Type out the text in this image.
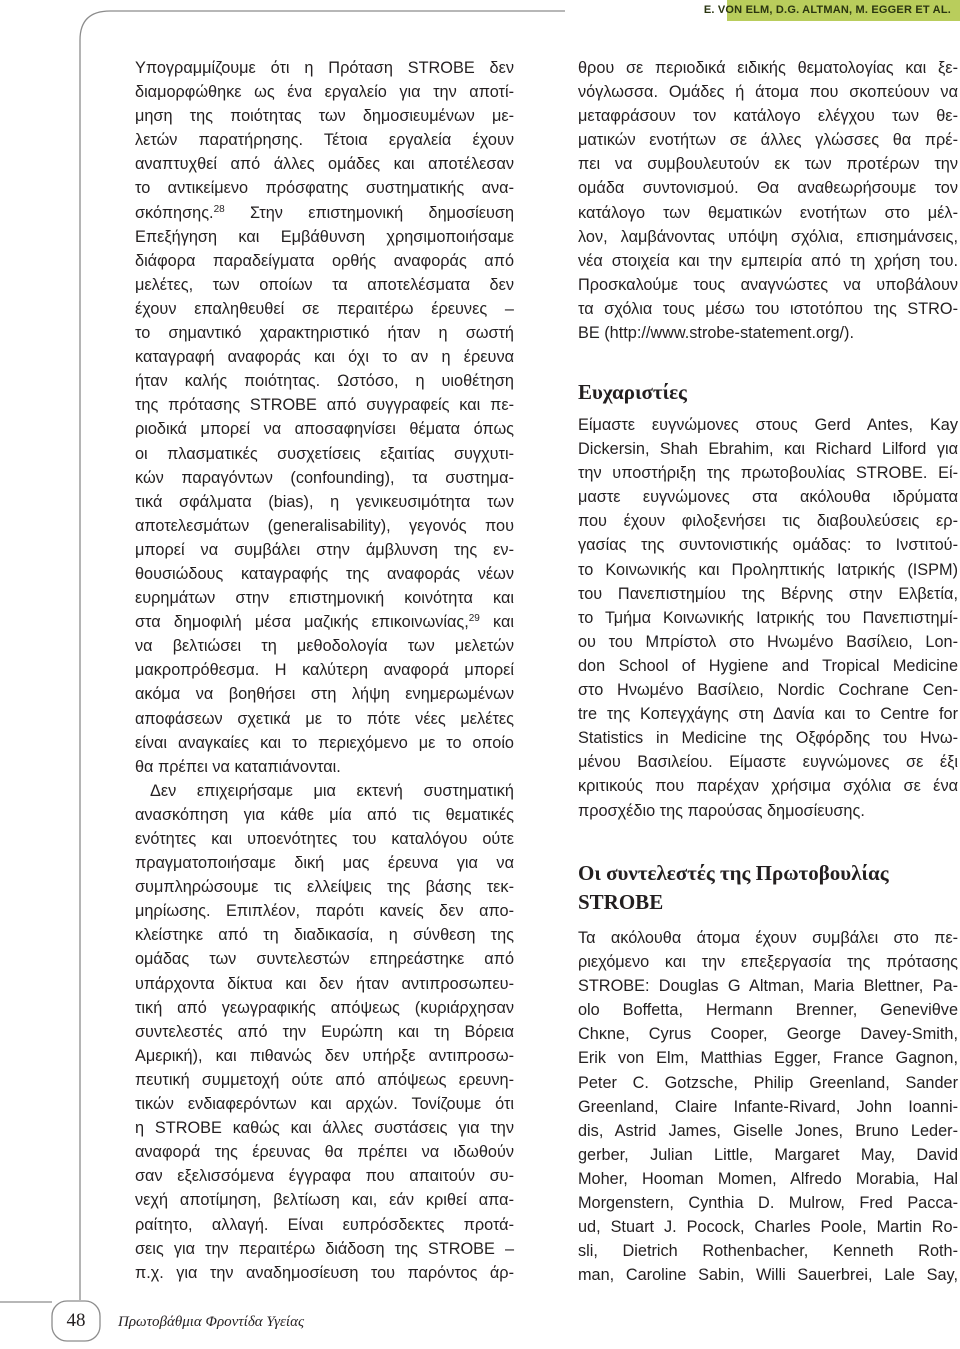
E. VON ELM, D.G. ALTMAN, M. EGGER ET AL.
Υπογραμμίζουμε ότι η Πρόταση STROBE δεν
διαμορφώθηκε ως ένα εργαλείο για την αποτί-
μηση της ποιότητας των δημοσιευμένων με-
λετών παρατήρησης. Τέτοια εργαλεία έχουν
αναπτυχθεί από άλλες ομάδες και αποτέλεσαν
το αντικείμενο πρόσφατης συστηματικής ανα-
σκόπησης.$^{28}$ Στην επιστημονική δημοσίευση
Επεξήγηση και Εμβάθυνση χρησιμοποιήσαμε
διάφορα παραδείγματα ορθής αναφοράς από
μελέτες, των οποίων τα αποτελέσματα δεν
έχουν επαληθευθεί σε περαιτέρω έρευνες –
το σημαντικό χαρακτηριστικό ήταν η σωστή
καταγραφή αναφοράς και όχι το αν η έρευνα
ήταν καλής ποιότητας. Ωστόσο, η υιοθέτηση
της πρότασης STROBE από συγγραφείς και πε-
ριοδικά μπορεί να αποσαφηνίσει θέματα όπως
οι πλασματικές συσχετίσεις εξαιτίας συγχυτι-
κών παραγόντων (confounding), τα συστημα-
τικά σφάλματα (bias), η γενικευσιμότητα των
αποτελεσμάτων (generalisability), γεγονός που
μπορεί να συμβάλει στην άμβλυνση της εν-
θουσιώδους καταγραφής της αναφοράς νέων
ευρημάτων στην επιστημονική κοινότητα και
στα δημοφιλή μέσα μαζικής επικοινωνίας,$^{29}$ και
να βελτιώσει τη μεθοδολογία των μελετών
μακροπρόθεσμα. Η καλύτερη αναφορά μπορεί
ακόμα να βοηθήσει στη λήψη ενημερωμένων
αποφάσεων σχετικά με το πότε νέες μελέτες
είναι αναγκαίες και το περιεχόμενο με το οποίο
θα πρέπει να καταπιάνονται.
Δεν επιχειρήσαμε μια εκτενή συστηματική
ανασκόπηση για κάθε μία από τις θεματικές
ενότητες και υποενότητες του καταλόγου ούτε
πραγματοποιήσαμε δική μας έρευνα για να
συμπληρώσουμε τις ελλείψεις της βάσης τεκ-
μηρίωσης. Επιπλέον, παρότι κανείς δεν απο-
κλείστηκε από τη διαδικασία, η σύνθεση της
ομάδας των συντελεστών επηρεάστηκε από
υπάρχοντα δίκτυα και δεν ήταν αντιπροσωπευ-
τική από γεωγραφικής απόψεως (κυριάρχησαν
συντελεστές από την Ευρώπη και τη Βόρεια
Αμερική), και πιθανώς δεν υπήρξε αντιπροσω-
πευτική συμμετοχή ούτε από απόψεως ερευνη-
τικών ενδιαφερόντων και αρχών. Τονίζουμε ότι
η STROBE καθώς και άλλες συστάσεις για την
αναφορά της έρευνας θα πρέπει να ιδωθούν
σαν εξελισσόμενα έγγραφα που απαιτούν συ-
νεχή αποτίμηση, βελτίωση και, εάν κριθεί απα-
ραίτητο, αλλαγή. Είναι ευπρόσδεκτες προτά-
σεις για την περαιτέρω διάδοση της STROBE –
π.χ. για την αναδημοσίευση του παρόντος άρ-
θρου σε περιοδικά ειδικής θεματολογίας και ξε-
νόγλωσσα. Ομάδες ή άτομα που σκοπεύουν να
μεταφράσουν τον κατάλογο ελέγχου των θε-
ματικών ενοτήτων σε άλλες γλώσσες θα πρέ-
πει να συμβουλευτούν εκ των προτέρων την
ομάδα συντονισμού. Θα αναθεωρήσουμε τον
κατάλογο των θεματικών ενοτήτων στο μέλ-
λον, λαμβάνοντας υπόψη σχόλια, επισημάνσεις,
νέα στοιχεία και την εμπειρία από τη χρήση του.
Προσκαλούμε τους αναγνώστες να υποβάλουν
τα σχόλια τους μέσω του ιστοτόπου της STRO-
BE (http://www.strobe-statement.org/).
Ευχαριστίες
Είμαστε ευγνώμονες στους Gerd Antes, Kay
Dickersin, Shah Ebrahim, και Richard Lilford για
την υποστήριξη της πρωτοβουλίας STROBE. Εί-
μαστε ευγνώμονες στα ακόλουθα ιδρύματα
που έχουν φιλοξενήσει τις διαβουλεύσεις ερ-
γασίας της συντονιστικής ομάδας: το Ινστιτού-
το Κοινωνικής και Προληπτικής Ιατρικής (ISPM)
του Πανεπιστημίου της Βέρνης στην Ελβετία,
το Τμήμα Κοινωνικής Ιατρικής του Πανεπιστημί-
ου του Μπρίστολ στο Ηνωμένο Βασίλειο, Lon-
don School of Hygiene and Tropical Medicine
στο Ηνωμένο Βασίλειο, Nordic Cochrane Cen-
tre της Κοπεγχάγης στη Δανία και το Centre for
Statistics in Medicine της Οξφόρδης του Ηνω-
μένου Βασιλείου. Είμαστε ευγνώμονες σε έξι
κριτικούς που παρέχαν χρήσιμα σχόλια σε ένα
προσχέδιο της παρούσας δημοσίευσης.
Οι συντελεστές της Πρωτοβουλίας
STROBE
Τα ακόλουθα άτομα έχουν συμβάλει στο πε-
ριεχόμενο και την επεξεργασία της πρότασης
STROBE: Douglas G Altman, Maria Blettner, Pa-
olo Boffetta, Hermann Brenner, Geneviθve
Chκne, Cyrus Cooper, George Davey-Smith,
Erik von Elm, Matthias Egger, France Gagnon,
Peter C. Gotzsche, Philip Greenland, Sander
Greenland, Claire Infante-Rivard, John Ioanni-
dis, Astrid James, Giselle Jones, Bruno Leder-
gerber, Julian Little, Margaret May, David
Moher, Hooman Momen, Alfredo Morabia, Hal
Morgenstern, Cynthia D. Mulrow, Fred Pacca-
ud, Stuart J. Pocock, Charles Poole, Martin Ro-
sli, Dietrich Rothenbacher, Kenneth Roth-
man, Caroline Sabin, Willi Sauerbrei, Lale Say,
48	Πρωτοβάθμια Φροντίδα Υγείας
